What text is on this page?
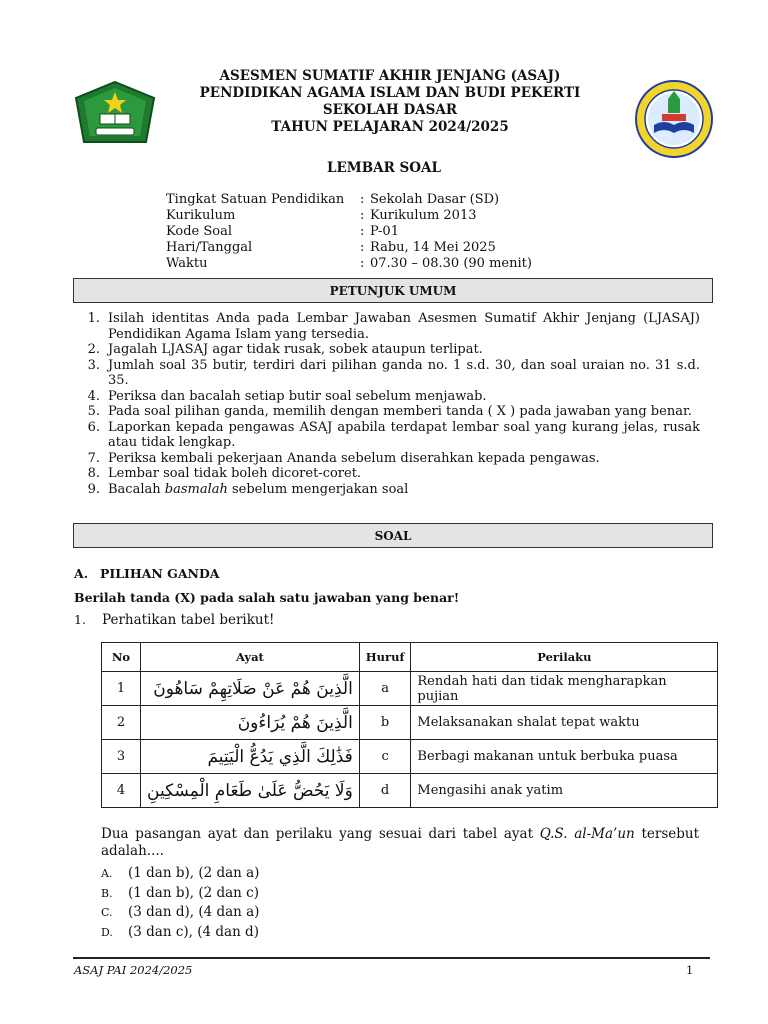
ASESMEN SUMATIF AKHIR JENJANG (ASAJ)
PENDIDIKAN AGAMA ISLAM DAN BUDI PEKERTI
SEKOLAH DASAR
TAHUN PELAJARAN 2024/2025
LEMBAR SOAL
Tingkat Satuan Pendidikan	: Sekolah Dasar (SD)
Kurikulum	: Kurikulum 2013
Kode Soal	: P-01
Hari/Tanggal	: Rabu, 14 Mei 2025
Waktu	: 07.30 – 08.30 (90 menit)
PETUNJUK UMUM
1. Isilah identitas Anda pada Lembar Jawaban Asesmen Sumatif Akhir Jenjang (LJASAJ) Pendidikan Agama Islam yang tersedia.
2. Jagalah LJASAJ agar tidak rusak, sobek ataupun terlipat.
3. Jumlah soal 35 butir, terdiri dari pilihan ganda no. 1 s.d. 30, dan soal uraian no. 31 s.d. 35.
4. Periksa dan bacalah setiap butir soal sebelum menjawab.
5. Pada soal pilihan ganda, memilih dengan memberi tanda ( X ) pada jawaban yang benar.
6. Laporkan kepada pengawas ASAJ apabila terdapat lembar soal yang kurang jelas, rusak atau tidak lengkap.
7. Periksa kembali pekerjaan Ananda sebelum diserahkan kepada pengawas.
8. Lembar soal tidak boleh dicoret-coret.
9. Bacalah basmalah sebelum mengerjakan soal
SOAL
A. PILIHAN GANDA
Berilah tanda (X) pada salah satu jawaban yang benar!
1. Perhatikan tabel berikut!
No	Ayat	Huruf	Perilaku
1	الَّذِينَ هُمْ عَنْ صَلَاتِهِمْ سَاهُونَ	a	Rendah hati dan tidak mengharapkan pujian
2	الَّذِينَ هُمْ يُرَاءُونَ	b	Melaksanakan shalat tepat waktu
3	فَذَٰلِكَ الَّذِي يَدُعُّ الْيَتِيمَ	c	Berbagi makanan untuk berbuka puasa
4	وَلَا يَحُضُّ عَلَىٰ طَعَامِ الْمِسْكِينِ	d	Mengasihi anak yatim
Dua pasangan ayat dan perilaku yang sesuai dari tabel ayat Q.S. al-Ma’un tersebut adalah....
A.	(1 dan b), (2 dan a)
B.	(1 dan b), (2 dan c)
C.	(3 dan d), (4 dan a)
D.	(3 dan c), (4 dan d)
ASAJ PAI 2024/2025	1
